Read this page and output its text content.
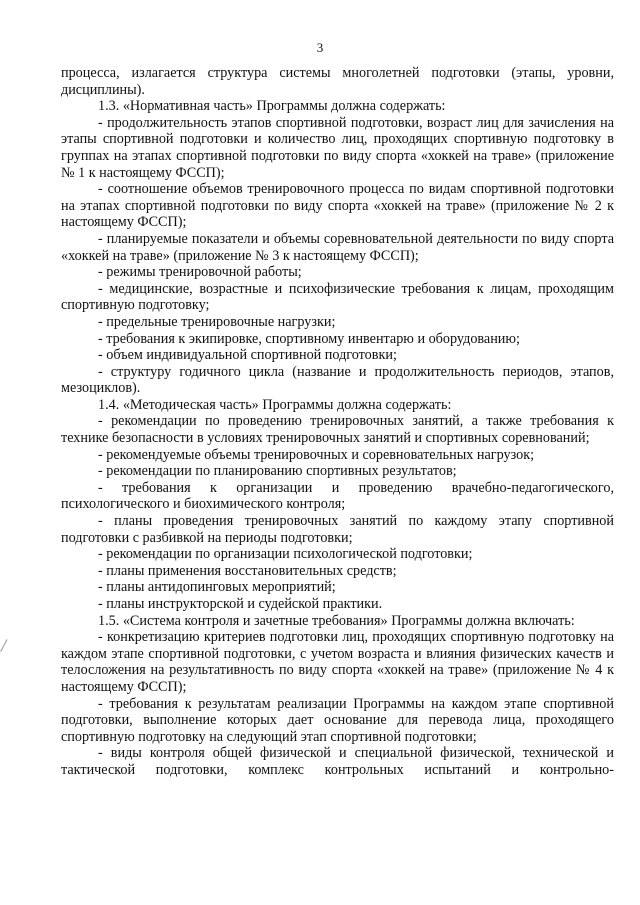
3

процесса, излагается структура системы многолетней подготовки (этапы, уровни, дисциплины).

1.3. «Нормативная часть» Программы должна содержать:

- продолжительность этапов спортивной подготовки, возраст лиц для зачисления на этапы спортивной подготовки и количество лиц, проходящих спортивную подготовку в группах на этапах спортивной подготовки по виду спорта «хоккей на траве» (приложение № 1 к настоящему ФССП);

- соотношение объемов тренировочного процесса по видам спортивной подготовки на этапах спортивной подготовки по виду спорта «хоккей на траве» (приложение № 2 к настоящему ФССП);

- планируемые показатели и объемы соревновательной деятельности по виду спорта «хоккей на траве» (приложение № 3 к настоящему ФССП);

- режимы тренировочной работы;

- медицинские, возрастные и психофизические требования к лицам, проходящим спортивную подготовку;

- предельные тренировочные нагрузки;

- требования к экипировке, спортивному инвентарю и оборудованию;

- объем индивидуальной спортивной подготовки;

- структуру годичного цикла (название и продолжительность периодов, этапов, мезоциклов).

1.4. «Методическая часть» Программы должна содержать:

- рекомендации по проведению тренировочных занятий, а также требования к технике безопасности в условиях тренировочных занятий и спортивных соревнований;

- рекомендуемые объемы тренировочных и соревновательных нагрузок;

- рекомендации по планированию спортивных результатов;

- требования к организации и проведению врачебно-педагогического, психологического и биохимического контроля;

- планы проведения тренировочных занятий по каждому этапу спортивной подготовки с разбивкой на периоды подготовки;

- рекомендации по организации психологической подготовки;

- планы применения восстановительных средств;

- планы антидопинговых мероприятий;

- планы инструкторской и судейской практики.

1.5. «Система контроля и зачетные требования» Программы должна включать:

- конкретизацию критериев подготовки лиц, проходящих спортивную подготовку на каждом этапе спортивной подготовки, с учетом возраста и влияния физических качеств и телосложения на результативность по виду спорта «хоккей на траве» (приложение № 4 к настоящему ФССП);

- требования к результатам реализации Программы на каждом этапе спортивной подготовки, выполнение которых дает основание для перевода лица, проходящего спортивную подготовку на следующий этап спортивной подготовки;

- виды контроля общей физической и специальной физической, технической и тактической подготовки, комплекс контрольных испытаний и контрольно-
